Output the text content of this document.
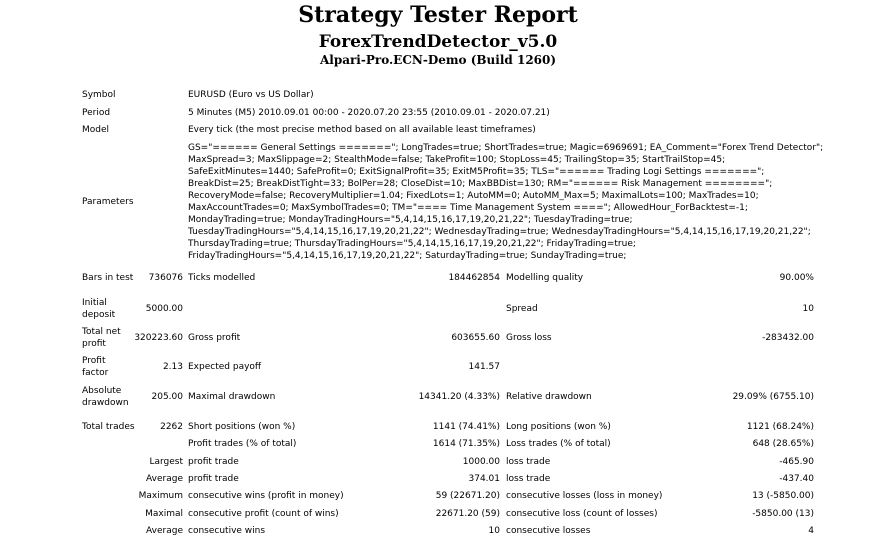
Strategy Tester Report
ForexTrendDetector_v5.0
Alpari-Pro.ECN-Demo (Build 1260)
Symbol	EURUSD (Euro vs US Dollar)
Period	5 Minutes (M5) 2010.09.01 00:00 - 2020.07.20 23:55 (2010.09.01 - 2020.07.21)
Model	Every tick (the most precise method based on all available least timeframes)
Parameters
GS="====== General Settings ======="; LongTrades=true; ShortTrades=true; Magic=6969691; EA_Comment="Forex Trend Detector"; MaxSpread=3; MaxSlippage=2; StealthMode=false; TakeProfit=100; StopLoss=45; TrailingStop=35; StartTrailStop=45; SafeExitMinutes=1440; SafeProfit=0; ExitSignalProfit=35; ExitM5Profit=35; TLS="====== Trading Logi Settings ======="; BreakDist=25; BreakDistTight=33; BolPer=28; CloseDist=10; MaxBBDist=130; RM="====== Risk Management ========"; RecoveryMode=false; RecoveryMultiplier=1.04; FixedLots=1; AutoMM=0; AutoMM_Max=5; MaximalLots=100; MaxTrades=10; MaxAccountTrades=0; MaxSymbolTrades=0; TM="==== Time Management System ===="; AllowedHour_ForBacktest=-1; MondayTrading=true; MondayTradingHours="5,4,14,15,16,17,19,20,21,22"; TuesdayTrading=true; TuesdayTradingHours="5,4,14,15,16,17,19,20,21,22"; WednesdayTrading=true; WednesdayTradingHours="5,4,14,15,16,17,19,20,21,22"; ThursdayTrading=true; ThursdayTradingHours="5,4,14,15,16,17,19,20,21,22"; FridayTrading=true; FridayTradingHours="5,4,14,15,16,17,19,20,21,22"; SaturdayTrading=true; SundayTrading=true;
Bars in test	736076 Ticks modelled	184462854 Modelling quality	90.00%
Initial
deposit
5000.00	Spread	10
Total net
profit
320223.60 Gross profit	603655.60 Gross loss	-283432.00
Profit
factor
2.13 Expected payoff	141.57
Absolute
drawdown
205.00 Maximal drawdown	14341.20 (4.33%) Relative drawdown	29.09% (6755.10)
Total trades	2262 Short positions (won %)	1141 (74.41%) Long positions (won %)	1121 (68.24%)
Profit trades (% of total)	1614 (71.35%) Loss trades (% of total)	648 (28.65%)
Largest profit trade	1000.00 loss trade	-465.90
Average profit trade	374.01 loss trade	-437.40
Maximum consecutive wins (profit in money)	59 (22671.20) consecutive losses (loss in money)	13 (-5850.00)
Maximal consecutive profit (count of wins)	22671.20 (59) consecutive loss (count of losses)	-5850.00 (13)
Average consecutive wins	10 consecutive losses	4
